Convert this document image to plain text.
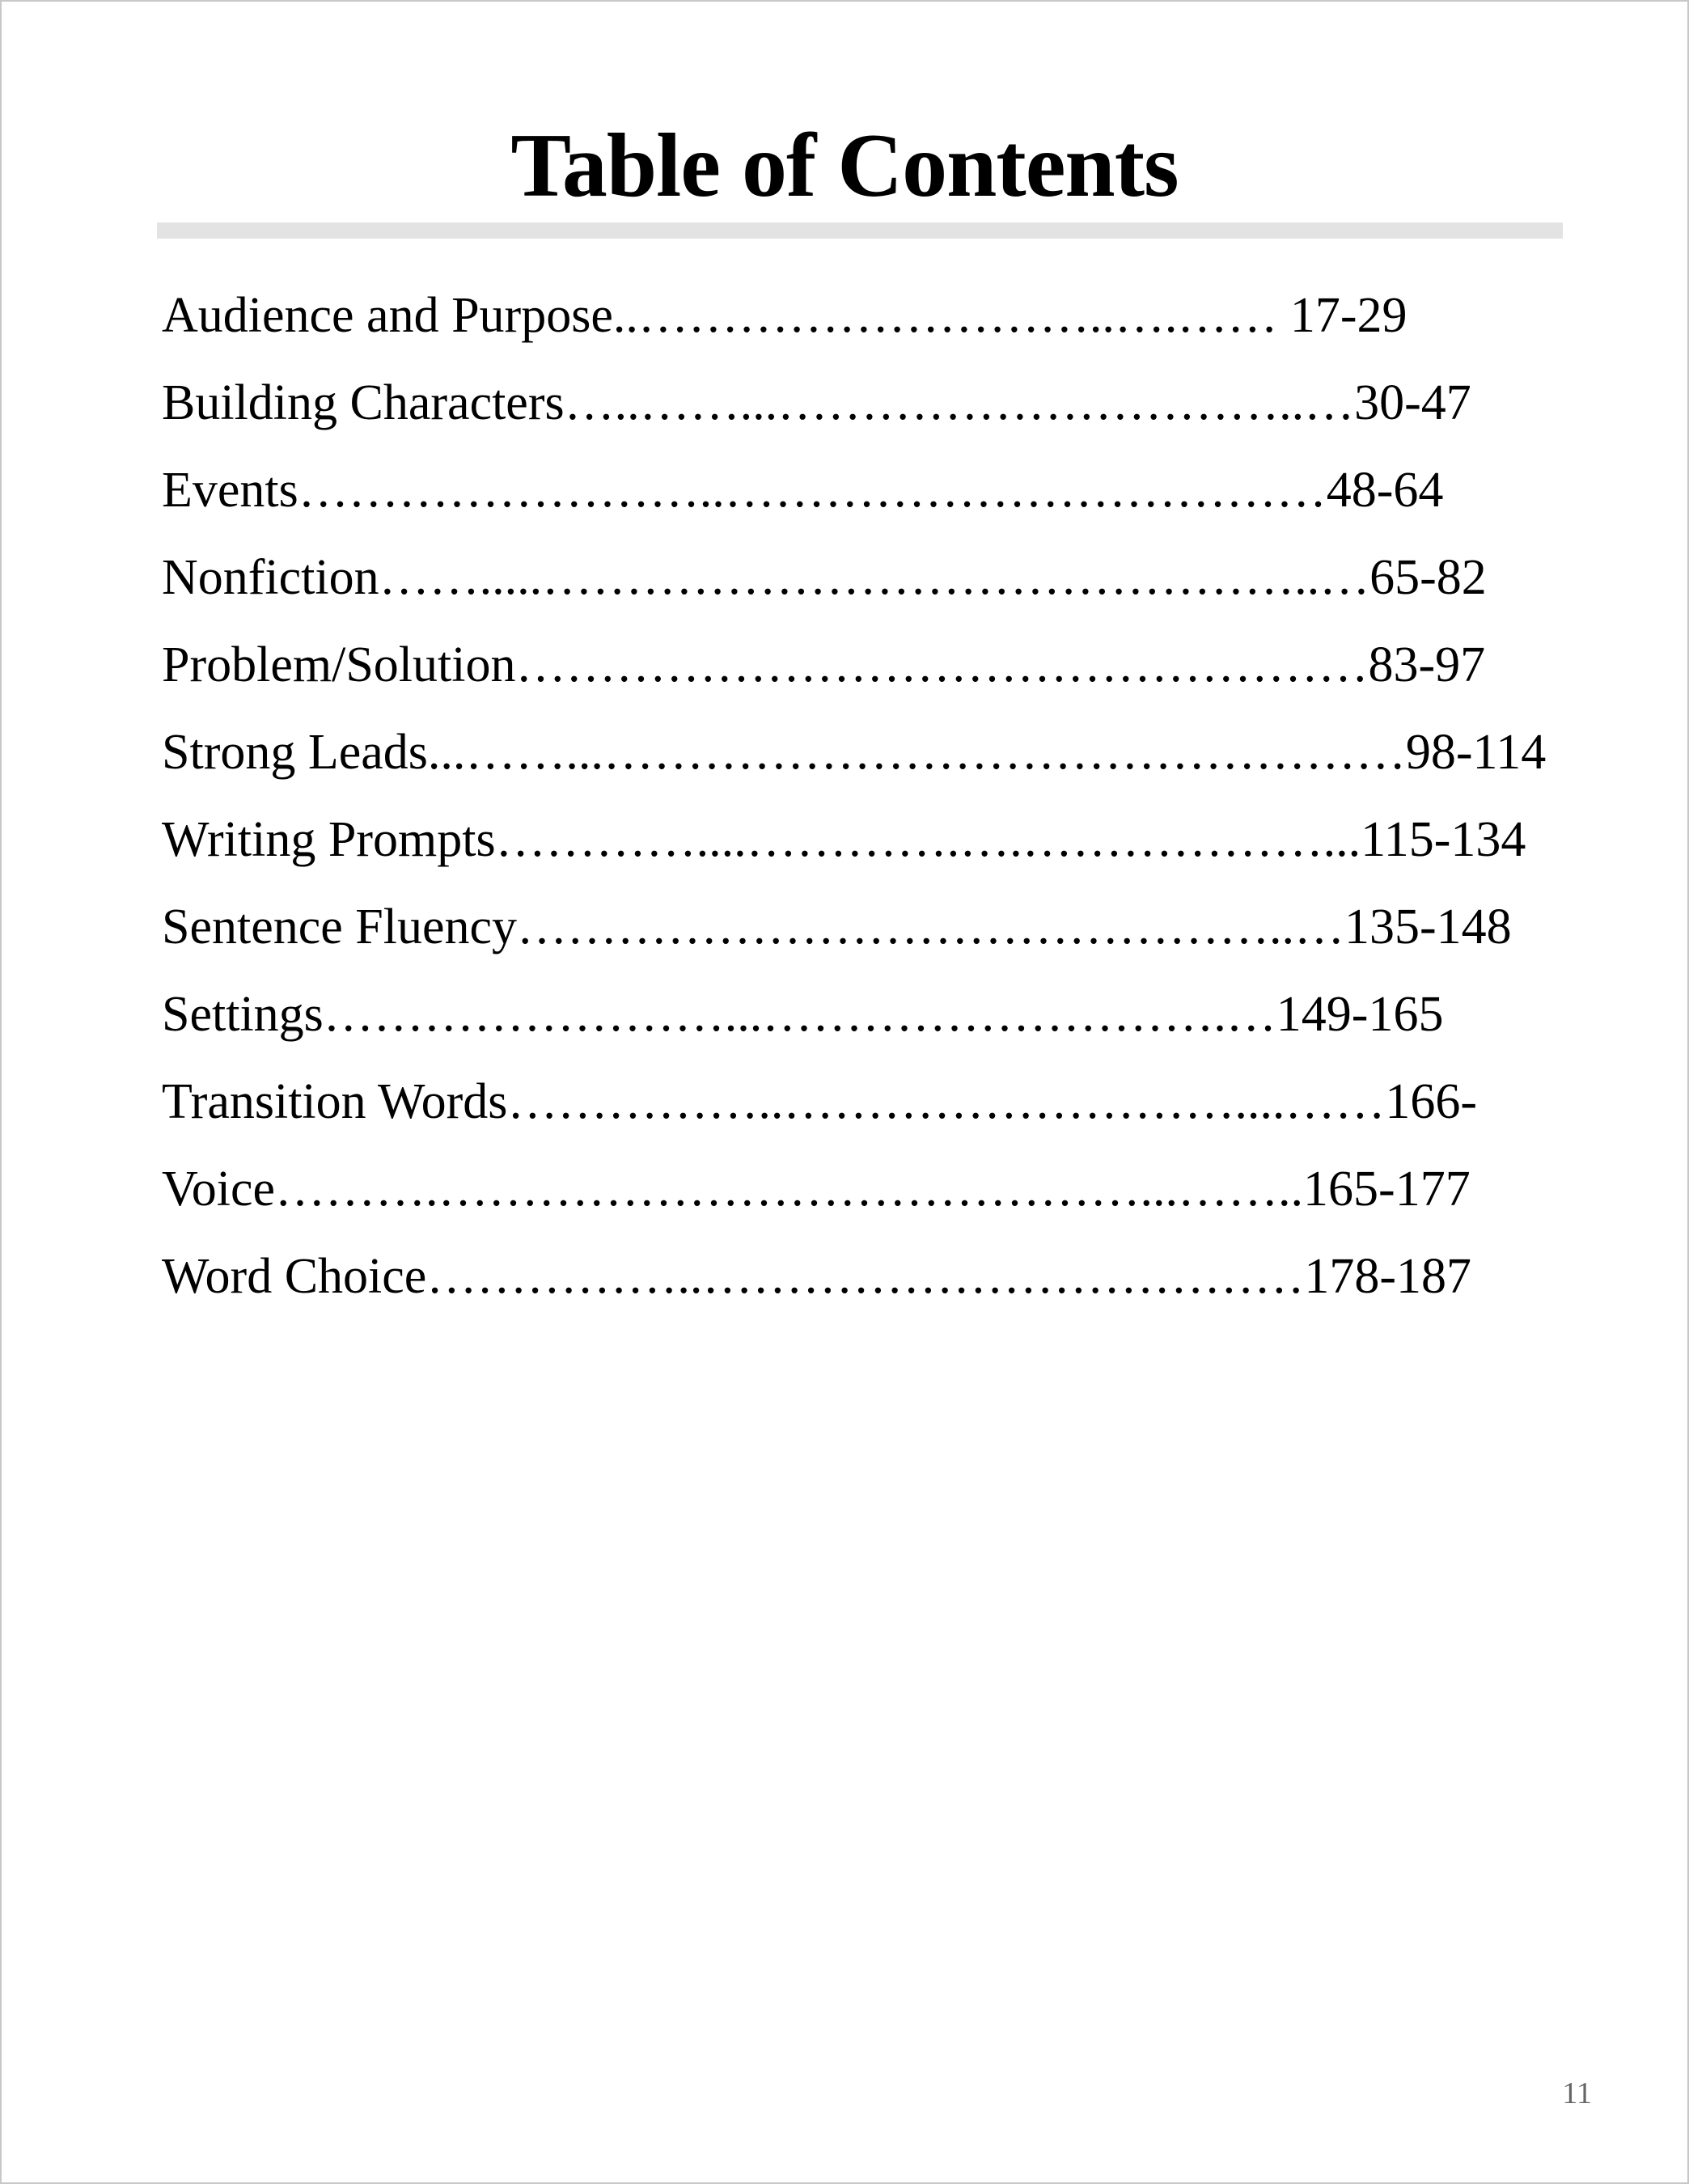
Table of Contents
Audience and Purpose..………………………..….…… 17-29
Building Characters…..……...…………………………..…30-47
Events……………………..………………………………48-64
Nonfiction…….....………………………………………..…65-82
Problem/Solution……………………………………………83-97
Strong Leads...……...…………………………………………98-114
Writing Prompts…………....………….….………………...115-134
Sentence Fluency………………………………………..…135-148
Settings……………………...……………………….…149-165
Transition Words……………..………………………....……166-
Voice……….……………………………………...……..165-177
Word Choice……………..………………………………178-187
11
